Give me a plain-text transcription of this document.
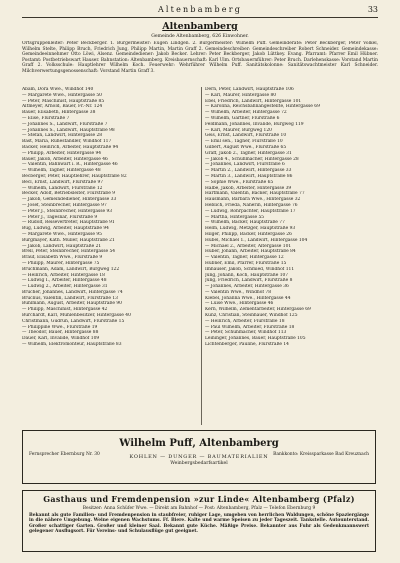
Altenbamberg	33
Altenbamberg
Gemeinde Altenbamberg, 626 Einwohner.
Ortsgruppenleiter: Peter Beckberger. 1. Bürgermeister: Eugen Lindgen. 2. Bürgermeister: Wilhelm Puff. Gemeinderäte: Peter Beckberger, Peter Völkel, Wilhelm Stelte, Philipp Bruch, Friedrich Jung, Philipp Martin, Martin Graff 2. Gemeindeschreiber: Gemeindeschreiber Robert Schneider. Gemeindekasse: Gemeindeeinnehmer Otto Löwi, Alsenz. Gemeindediener: Jakob Becker. Lehrer: Peter Beckberger, Jakob Lüttkey. Evang. Pfarramt: Pfarrer Emil Hübner. Postamt: Postbetriebswart Hauser. Bahnstation: Altenbamberg. Kreisbauernschaft: Karl Ulm. Ortsbauernführer: Peter Bruch. Darlehenskasse: Vorstand Martin Graff 2. Volksschule: Hauptlehrer Wilhelm Koch. Feuerwehr: Wehrführer Wilhelm Puff. Sanitätskolonne: Sanitätswachtmeister Karl Schneider. Milchverwertungsgenossenschaft: Vorstand Martin Graff 3.
Abam, Dora Wwe., Windhof 140
— Margarete Wwe., Hintergasse 50
— Peter, Maschinist, Hauptstraße 85
Altmeyer, Arnold, Bauer, Fr.-Nr. 124
Bauer, Elisabeth, Hintergasse 38
— Elise, Flurstraße 7
— Johannes S., Landwirt, Flurstraße 7
— Johannes S., Landwirt, Hauptstraße 98
— Stefan, Landwirt, Hintergasse 28
Bast, Maria, Ruhestandler, Windhof 117
Bäcker, Heinrich, Arbeiter, Hauptstraße 94
— Philipp, Arbeiter, Hintergasse 94
Bauer, Jakob, Arbeiter, Hintergasse 46
— Valentin, Bahnwart i. R., Hintergasse 46
— Wilhelm, Tagner, Hintergasse 48
Becberger, Peter, Hauptlehrer, Hauptstraße 82
Becl, Ernst, Landwirt, Flurstraße 97
— Wilhelm, Landwirt, Flurstraße 12
Becker, Adolf, Betriebsleiter, Flurstraße 9
— Jakob, Gemeindediener, Hintergasse 33
— Josef, Steinbrecher, Hintergasse 97
— Peter J., Steinbrecher, Hintergasse 93
— Peter J., Tagesnar, Flurstraße 9
— Rudolf, Reisevertreter, Hauptstraße 91
Bug, Ludwig, Arbeiter, Hauptstraße 94
— Margarete Wwe., Hintergasse 95
Burgmayer, Kath. Müller, Hauptstraße 21
— Jakob, Landwirt, Hauptstraße 21
Brell, Peter, Steinbrecher, Hintergasse 54
Brauf, Elisabeth Wwe., Flurstraße 9
— Philipp, Maurer, Hintergasse 75
Bruchmann, Adam, Landwirt, Burgweg 122
— Heinrich, Arbeiter, Hintergasse 18
— Ludwig I., Arbeiter, Hintergasse 48
— Ludwig 2., Arbeiter, Hintergasse 31
Brücher, Johannes, Landwirt, Hintergasse 74
Bruclius, Valentin, Landwirt, Flurstraße 13
Bühlmann, August, Arbeiter, Hauptstraße 90
— Philipp, Maschinist, Hintergasse 42
Burchardt, Karl, Mühlenbesitzer, Hintergasse 40
Christmann, Gudrun, Landwirt, Flurstraße 15
— Philippine Wwe., Flurstraße 19
— Theodor, Bauer, Hintergasse 88
Dauer, Karl, Invalide, Windhof 109
— Wilhelm, Elektromonteur, Hauptstraße 83
Dern, Peter, Landwirt, Hauptstraße 106
— Karl, Maurer, Hintergasse 80
Ebel, Friedrich, Landwirt, Hintergasse 101
— Karolina, Reichsbahnangestellte, Hintergasse 69
— Wilhelm, Arbeiter, Hintergasse 72
— Wilhelm, Gärtner, Flurstraße 6
Feldmann, Johannes, Invalide, Burgweg 119
— Karl, Maurer, Burgweg 120
Geis, Ernst, Landwirt, Flurstraße 10
— Emil sen., Tagner, Flurstraße 10
Gilbert, August Wwe., Flurstraße 65
Graff, Jakob 2., Tagner, Hintergasse 31
— Jakob 4., Schuhmacher, Hintergasse 28
— Johannes, Landwirt, Flurstraße 6
— Martin 2., Landwirt, Hintergasse 33
— Martin 3., Landwirt, Hauptstraße 86
— Sophie Wwe., Flurstraße 65
Halbe, Jakob, Arbeiter, Hintergasse 39
Hartmann, Valentin, Bäcker, Hauptstraße 77
Hausmann, Barbara Wwe., Hintergasse 32
Heblich, Frieda, Näherin, Hintergasse 76
— Ludwig, Rohrpächter, Hauptstraße 17
— Martha, Hintergasse 55
— Wilhelm, Bäcker, Hauptstraße 77
Helm, Ludwig, Metzger, Hauptstraße 93
Hilger, Philipp, Bäcker, Hintergasse 26
Hübel, Michael 1., Landwirt, Hintergasse 104
— Michael 2., Arbeiter, Altergasse 101
Huber, Johann, Arbeiter, Hauptstraße 84
— Valentin, Tagner, Hintergasse 12
Hübner, Emil, Pfarrer, Flurstraße 15
Imhäuser, Jakob, Schmied, Windhof 111
Jung, Johann, Koch, Hauptstraße 107
Jung, Friedrich, Landwirt, Flurstraße 8
— Johannes, Arbeiter, Hintergasse 36
— Valentin Wwe., Windhof 78
Klebel, Johanna Wwe., Hintergasse 44
— Luise Wwe., Hintergasse 46
Kern, Wilhelm, Zementarbeiter, Hintergasse 69
Kunz, Christian, Steinhauer, Windhof 125
— Heinrich, Arbeiter, Flurstraße 18
— Paul Wilhelm, Arbeiter, Flurstraße 18
— Peter, Schuhmacher, Windhof 113
Leininger, Johannes, Bauer, Hauptstraße 105
Lichtenberger, Pauline, Flurstraße 14
Fernsprecher Ebernburg Nr. 30	Bankkonto: Kreissparkasse Bad Kreuznach
Wilhelm Puff, Altenbamberg
KOHLEN — DUNGER — BAUMATERIALIEN
Weinbergsbedarfsartikel
Gasthaus und Fremdenpension »zur Linde« Altenbamberg (Pfalz)
Besitzer: Anna Schüfer Wwe. — Direkt am Bahnhof — Post: Altenbamberg, Pfalz — Telefon Ebernburg 9
Bekannt als gute Familien- und Fremdenpension in staubfreier, ruhiger Lage, umgeben von herrlichen Waldungen, schöne Spaziergänge in die nähere Umgebung. Weine eigenen Wachstums. Ff. Biere. Kalte und warme Speisen zu jeder Tageszeit. Tankstelle. Autounterstand. Großer schattiger Garten. Großer und kleiner Saal. Bekannt gute Küche. Mäßige Preise. Bekannter aus Fuhr als Gedenkmannswert gelegener Ausflugsort. Für Vereins- und Schulausflüge gut geeignet.
